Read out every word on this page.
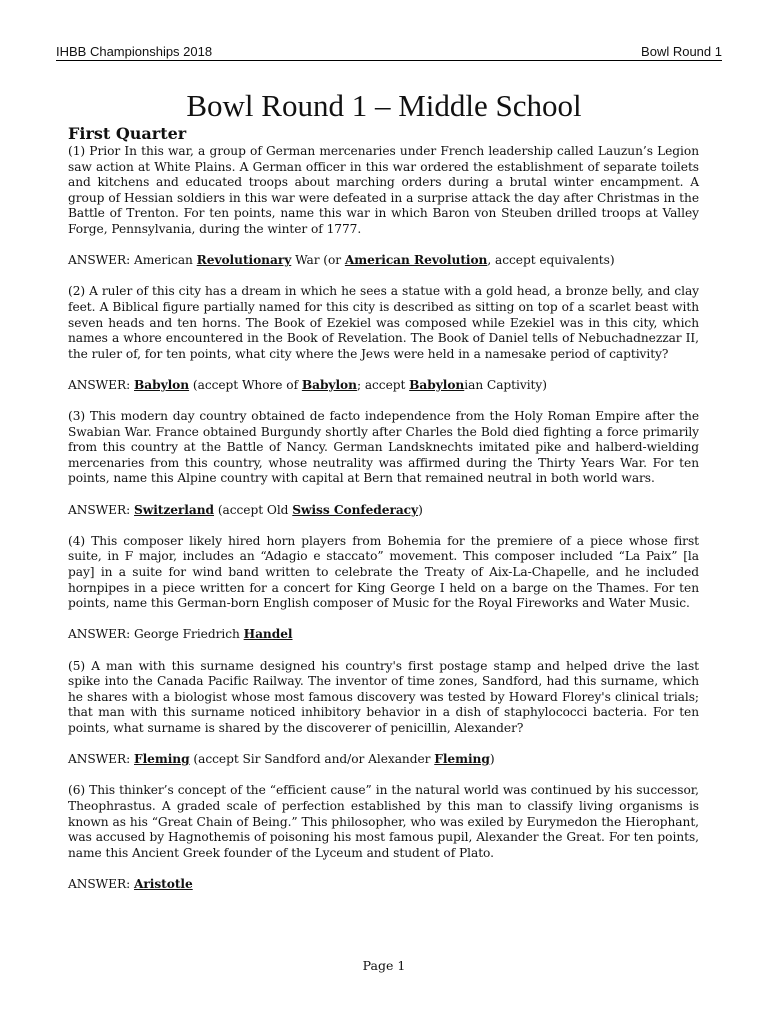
IHBB Championships 2018	Bowl Round 1
Bowl Round 1 – Middle School
First Quarter

(1) Prior In this war, a group of German mercenaries under French leadership called Lauzun’s Legion saw action at White Plains. A German officer in this war ordered the establishment of separate toilets and kitchens and educated troops about marching orders during a brutal winter encampment. A group of Hessian soldiers in this war were defeated in a surprise attack the day after Christmas in the Battle of Trenton. For ten points, name this war in which Baron von Steuben drilled troops at Valley Forge, Pennsylvania, during the winter of 1777.

ANSWER: American Revolutionary War (or American Revolution, accept equivalents)

(2) A ruler of this city has a dream in which he sees a statue with a gold head, a bronze belly, and clay feet. A Biblical figure partially named for this city is described as sitting on top of a scarlet beast with seven heads and ten horns. The Book of Ezekiel was composed while Ezekiel was in this city, which names a whore encountered in the Book of Revelation. The Book of Daniel tells of Nebuchadnezzar II, the ruler of, for ten points, what city where the Jews were held in a namesake period of captivity?

ANSWER: Babylon (accept Whore of Babylon; accept Babylonian Captivity)

(3) This modern day country obtained de facto independence from the Holy Roman Empire after the Swabian War. France obtained Burgundy shortly after Charles the Bold died fighting a force primarily from this country at the Battle of Nancy. German Landsknechts imitated pike and halberd-wielding mercenaries from this country, whose neutrality was affirmed during the Thirty Years War. For ten points, name this Alpine country with capital at Bern that remained neutral in both world wars.

ANSWER: Switzerland (accept Old Swiss Confederacy)

(4) This composer likely hired horn players from Bohemia for the premiere of a piece whose first suite, in F major, includes an “Adagio e staccato” movement. This composer included “La Paix” [la pay] in a suite for wind band written to celebrate the Treaty of Aix-La-Chapelle, and he included hornpipes in a piece written for a concert for King George I held on a barge on the Thames. For ten points, name this German-born English composer of Music for the Royal Fireworks and Water Music.

ANSWER: George Friedrich Handel

(5) A man with this surname designed his country's first postage stamp and helped drive the last spike into the Canada Pacific Railway. The inventor of time zones, Sandford, had this surname, which he shares with a biologist whose most famous discovery was tested by Howard Florey's clinical trials; that man with this surname noticed inhibitory behavior in a dish of staphylococci bacteria. For ten points, what surname is shared by the discoverer of penicillin, Alexander?

ANSWER: Fleming (accept Sir Sandford and/or Alexander Fleming)

(6) This thinker’s concept of the “efficient cause” in the natural world was continued by his successor, Theophrastus. A graded scale of perfection established by this man to classify living organisms is known as his “Great Chain of Being.” This philosopher, who was exiled by Eurymedon the Hierophant, was accused by Hagnothemis of poisoning his most famous pupil, Alexander the Great. For ten points, name this Ancient Greek founder of the Lyceum and student of Plato.

ANSWER: Aristotle

Page 1
